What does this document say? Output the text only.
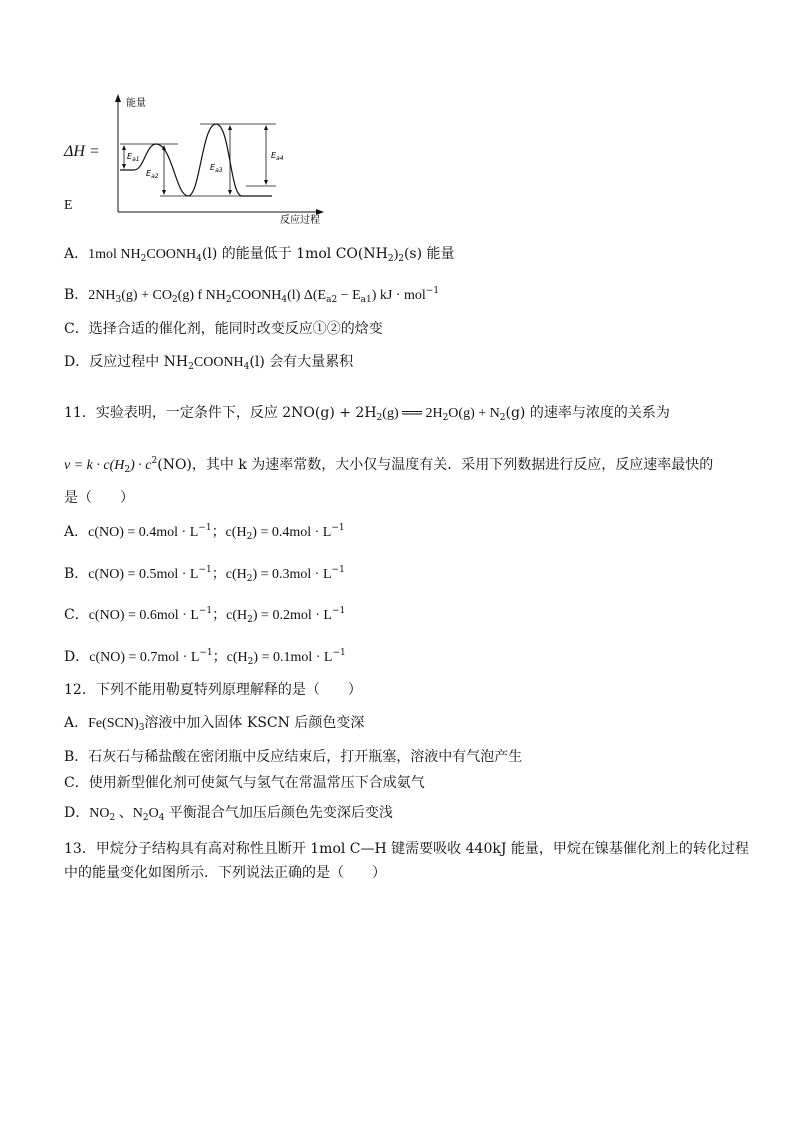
能量
反应过程
$E_{a1}$
$E_{a2}$
$E_{a3}$
$E_{a4}$
ΔH =
E
A．1mol $NH_2COONH_4(l)$ 的能量低于 1mol $CO(NH_2)_2(s)$ 能量
B．$2NH_3(g) + CO_2(g)$ f $NH_2COONH_4(l) \Delta(E_{a2} - E_{a1})$ kJ · mol$^{-1}$
C．选择合适的催化剂，能同时改变反应①②的焓变
D．反应过程中 $NH_2COONH_4(l)$ 会有大量累积
11．实验表明，一定条件下，反应 $2NO(g) + 2H_2(g)$ ══ $2H_2O(g) + N_2(g)$ 的速率与浓度的关系为
$v = k \cdot c(H_2) \cdot c^2(NO)$，其中 k 为速率常数，大小仅与温度有关．采用下列数据进行反应，反应速率最快的
是（　　）
A．$c(NO) = 0.4mol \cdot L^{-1}$；$c(H_2) = 0.4mol \cdot L^{-1}$
B．$c(NO) = 0.5mol \cdot L^{-1}$；$c(H_2) = 0.3mol \cdot L^{-1}$
C．$c(NO) = 0.6mol \cdot L^{-1}$；$c(H_2) = 0.2mol \cdot L^{-1}$
D．$c(NO) = 0.7mol \cdot L^{-1}$；$c(H_2) = 0.1mol \cdot L^{-1}$
12．下列不能用勒夏特列原理解释的是（　　）
A．$Fe(SCN)_3$溶液中加入固体 KSCN 后颜色变深
B．石灰石与稀盐酸在密闭瓶中反应结束后，打开瓶塞，溶液中有气泡产生
C．使用新型催化剂可使氮气与氢气在常温常压下合成氨气
D．$NO_2$ 、$N_2O_4$ 平衡混合气加压后颜色先变深后变浅
13．甲烷分子结构具有高对称性且断开 1mol C—H 键需要吸收 440kJ 能量，甲烷在镍基催化剂上的转化过程
中的能量变化如图所示．下列说法正确的是（　　）
